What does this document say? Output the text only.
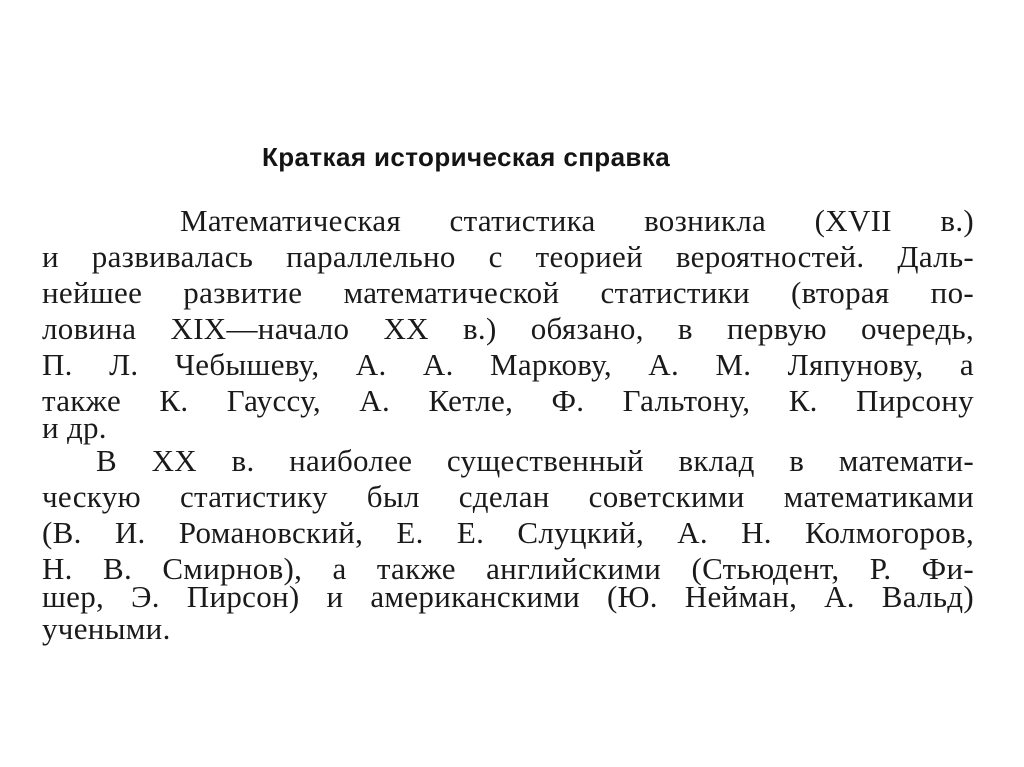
Краткая историческая справка
Математическая статистика возникла (XVII в.)
и развивалась параллельно с теорией вероятностей. Даль-
нейшее развитие математической статистики (вторая по-
ловина XIX—начало XX в.) обязано, в первую очередь,
П. Л. Чебышеву, А. А. Маркову, А. М. Ляпунову, а
также К. Гауссу, А. Кетле, Ф. Гальтону, К. Пирсону
и др.
В XX в. наиболее существенный вклад в математи-
ческую статистику был сделан советскими математиками
(В. И. Романовский, Е. Е. Слуцкий, А. Н. Колмогоров,
Н. В. Смирнов), а также английскими (Стьюдент, Р. Фи-
шер, Э. Пирсон) и американскими (Ю. Нейман, А. Вальд)
учеными.
